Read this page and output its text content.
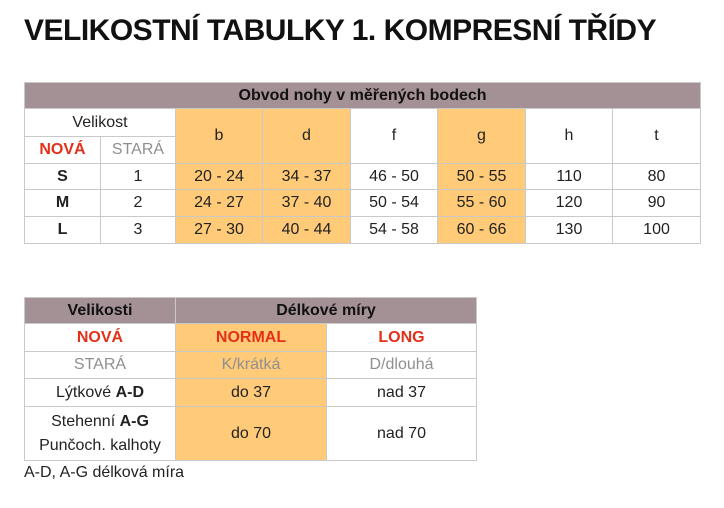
VELIKOSTNÍ TABULKY 1. KOMPRESNÍ TŘÍDY
Obvod nohy v měřených bodech							
Velikost		b	d	f	g	h	t
NOVÁ	STARÁ						
S	1	20 - 24	34 - 37	46 - 50	50 - 55	110	80
M	2	24 - 27	37 - 40	50 - 54	55 - 60	120	90
L	3	27 - 30	40 - 44	54 - 58	60 - 66	130	100
Velikosti	Délkové míry	
NOVÁ	NORMAL	LONG
STARÁ	K/krátká	D/dlouhá
Lýtkové A-D	do 37	nad 37

Stehenní A-G
Punčoch. kalhoty	do 70	nad 70
A-D, A-G délková míra
